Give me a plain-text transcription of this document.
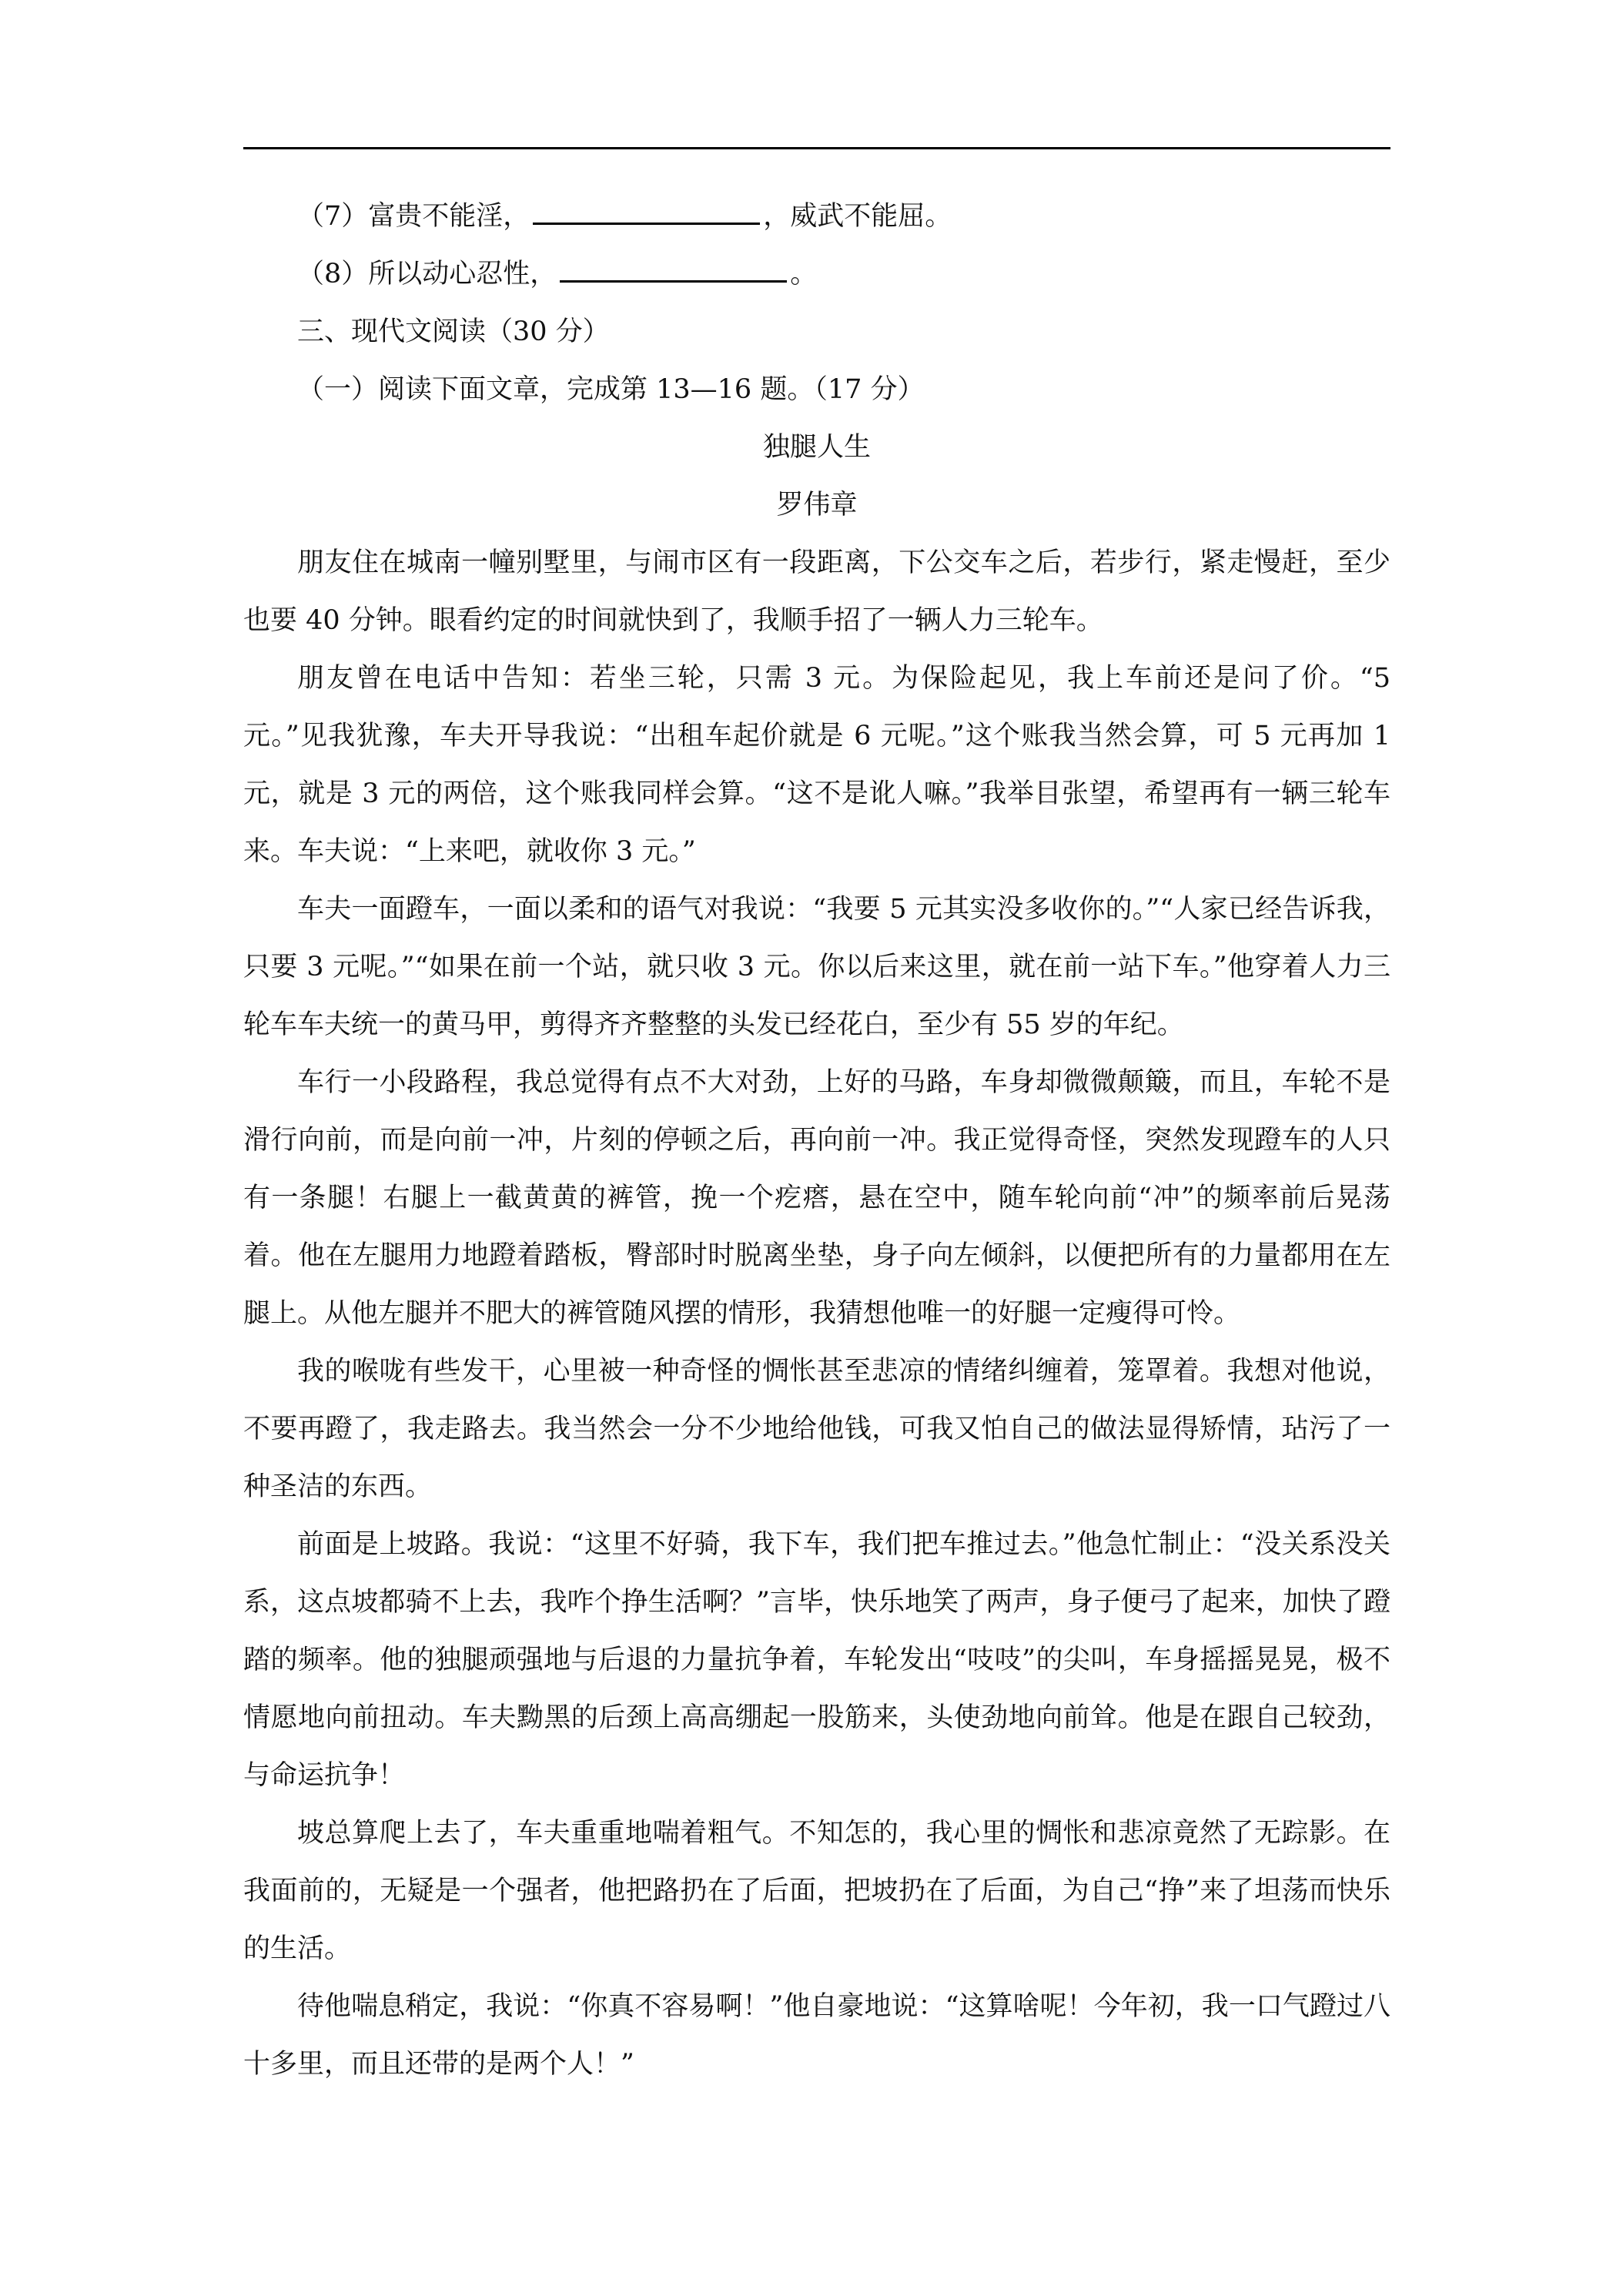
（7）富贵不能淫，	，威武不能屈。

（8）所以动心忍性，	。

三、现代文阅读（30 分）

（一）阅读下面文章，完成第 13—16 题。（17 分）

独腿人生

罗伟章

朋友住在城南一幢别墅里，与闹市区有一段距离，下公交车之后，若步行，紧走慢赶，至少也要 40 分钟。眼看约定的时间就快到了，我顺手招了一辆人力三轮车。

朋友曾在电话中告知：若坐三轮，只需 3 元。为保险起见，我上车前还是问了价。“5 元。”见我犹豫，车夫开导我说：“出租车起价就是 6 元呢。”这个账我当然会算，可 5 元再加 1 元，就是 3 元的两倍，这个账我同样会算。“这不是讹人嘛。”我举目张望，希望再有一辆三轮车来。车夫说：“上来吧，就收你 3 元。”

车夫一面蹬车，一面以柔和的语气对我说：“我要 5 元其实没多收你的。”“人家已经告诉我，只要 3 元呢。”“如果在前一个站，就只收 3 元。你以后来这里，就在前一站下车。”他穿着人力三轮车车夫统一的黄马甲，剪得齐齐整整的头发已经花白，至少有 55 岁的年纪。

车行一小段路程，我总觉得有点不大对劲，上好的马路，车身却微微颠簸，而且，车轮不是滑行向前，而是向前一冲，片刻的停顿之后，再向前一冲。我正觉得奇怪，突然发现蹬车的人只有一条腿！右腿上一截黄黄的裤管，挽一个疙瘩，悬在空中，随车轮向前“冲”的频率前后晃荡着。他在左腿用力地蹬着踏板，臀部时时脱离坐垫，身子向左倾斜，以便把所有的力量都用在左腿上。从他左腿并不肥大的裤管随风摆的情形，我猜想他唯一的好腿一定瘦得可怜。

我的喉咙有些发干，心里被一种奇怪的惆怅甚至悲凉的情绪纠缠着，笼罩着。我想对他说，不要再蹬了，我走路去。我当然会一分不少地给他钱，可我又怕自己的做法显得矫情，玷污了一种圣洁的东西。

前面是上坡路。我说：“这里不好骑，我下车，我们把车推过去。”他急忙制止：“没关系没关系，这点坡都骑不上去，我咋个挣生活啊？”言毕，快乐地笑了两声，身子便弓了起来，加快了蹬踏的频率。他的独腿顽强地与后退的力量抗争着，车轮发出“吱吱”的尖叫，车身摇摇晃晃，极不情愿地向前扭动。车夫黝黑的后颈上高高绷起一股筋来，头使劲地向前耸。他是在跟自己较劲，与命运抗争！

坡总算爬上去了，车夫重重地喘着粗气。不知怎的，我心里的惆怅和悲凉竟然了无踪影。在我面前的，无疑是一个强者，他把路扔在了后面，把坡扔在了后面，为自己“挣”来了坦荡而快乐的生活。

待他喘息稍定，我说：“你真不容易啊！”他自豪地说：“这算啥呢！今年初，我一口气蹬过八十多里，而且还带的是两个人！”
